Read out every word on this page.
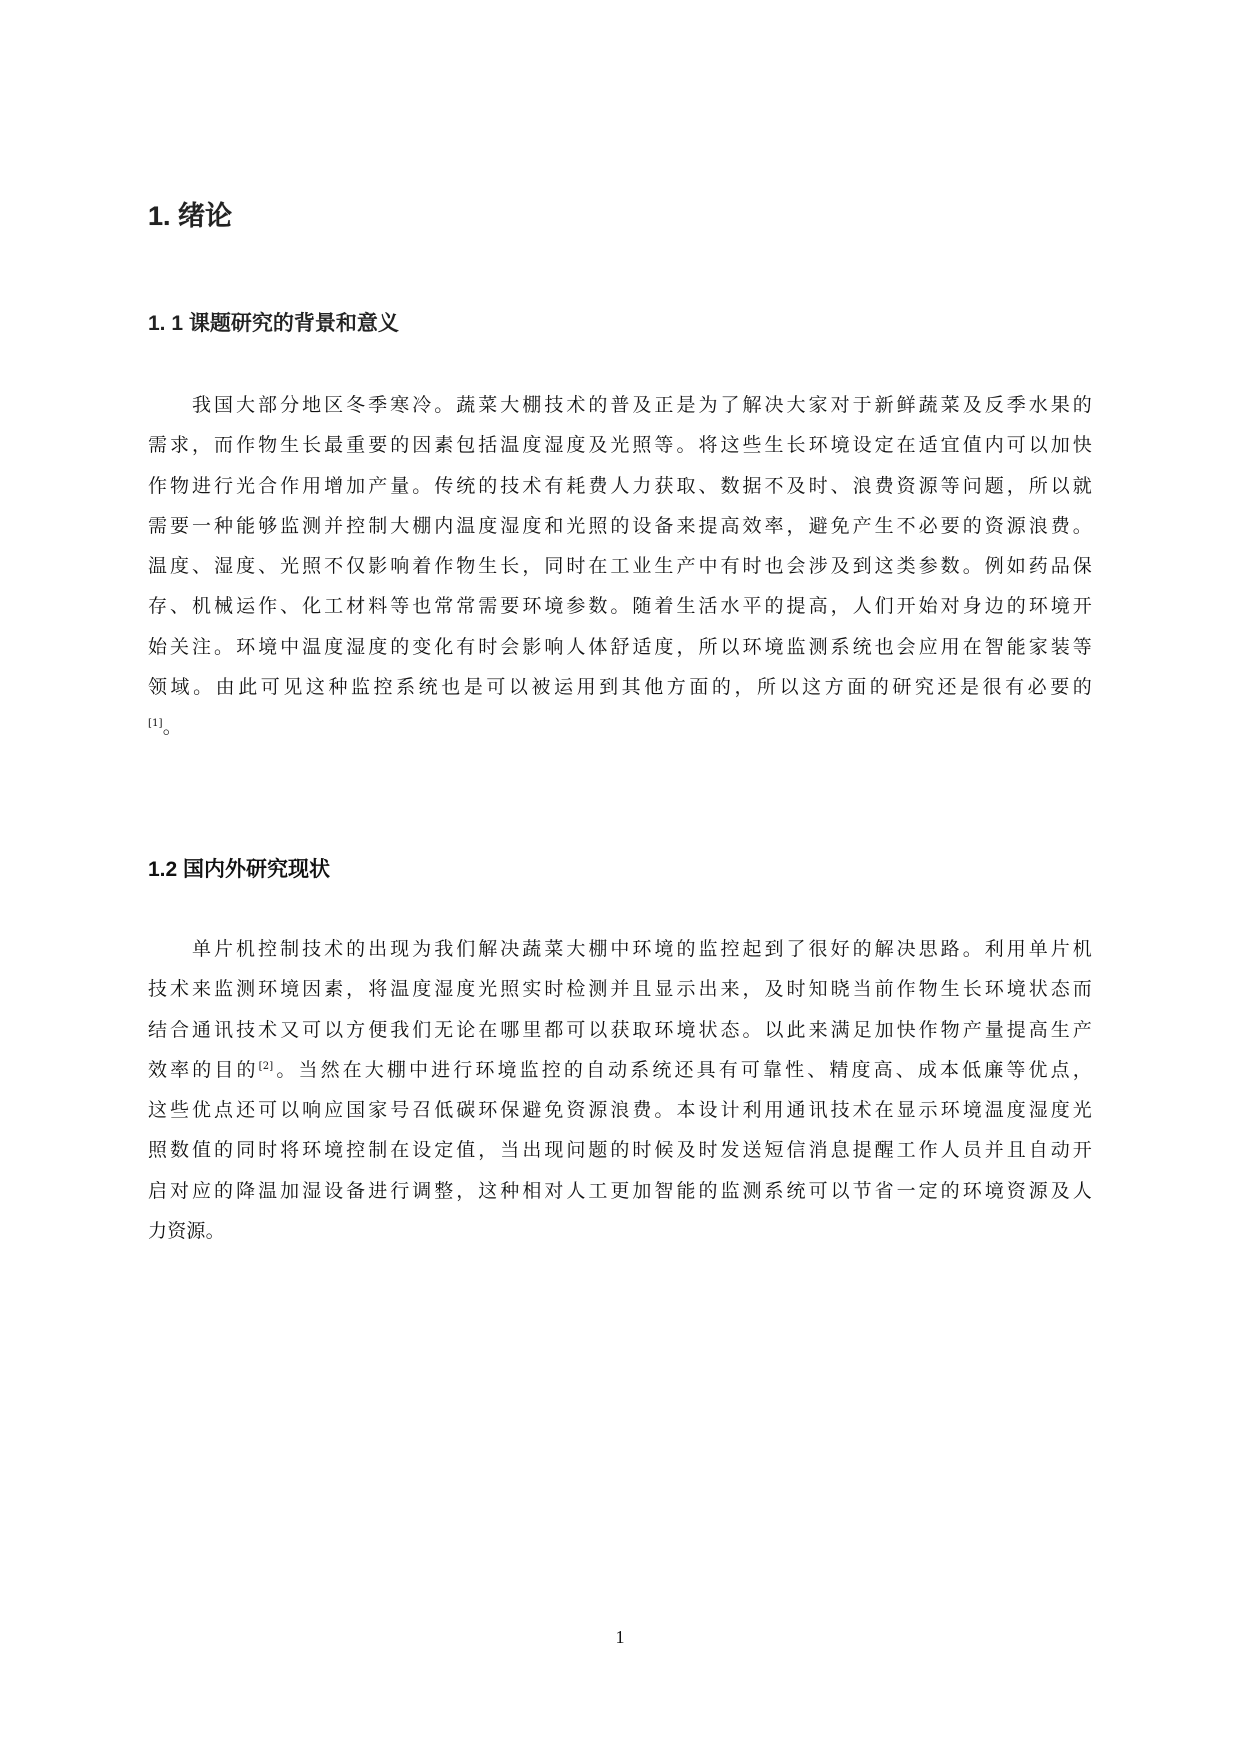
1. 绪论
1. 1 课题研究的背景和意义
我国大部分地区冬季寒冷。蔬菜大棚技术的普及正是为了解决大家对于新鲜蔬菜及反季水果的
需求，而作物生长最重要的因素包括温度湿度及光照等。将这些生长环境设定在适宜值内可以加快
作物进行光合作用增加产量。传统的技术有耗费人力获取、数据不及时、浪费资源等问题，所以就
需要一种能够监测并控制大棚内温度湿度和光照的设备来提高效率，避免产生不必要的资源浪费。
温度、湿度、光照不仅影响着作物生长，同时在工业生产中有时也会涉及到这类参数。例如药品保
存、机械运作、化工材料等也常常需要环境参数。随着生活水平的提高，人们开始对身边的环境开
始关注。环境中温度湿度的变化有时会影响人体舒适度，所以环境监测系统也会应用在智能家装等
领域。由此可见这种监控系统也是可以被运用到其他方面的，所以这方面的研究还是很有必要的
[1]。
1.2 国内外研究现状
单片机控制技术的出现为我们解决蔬菜大棚中环境的监控起到了很好的解决思路。利用单片机
技术来监测环境因素，将温度湿度光照实时检测并且显示出来，及时知晓当前作物生长环境状态而
结合通讯技术又可以方便我们无论在哪里都可以获取环境状态。以此来满足加快作物产量提高生产
效率的目的[2]。当然在大棚中进行环境监控的自动系统还具有可靠性、精度高、成本低廉等优点，
这些优点还可以响应国家号召低碳环保避免资源浪费。本设计利用通讯技术在显示环境温度湿度光
照数值的同时将环境控制在设定值，当出现问题的时候及时发送短信消息提醒工作人员并且自动开
启对应的降温加湿设备进行调整，这种相对人工更加智能的监测系统可以节省一定的环境资源及人
力资源。
1
